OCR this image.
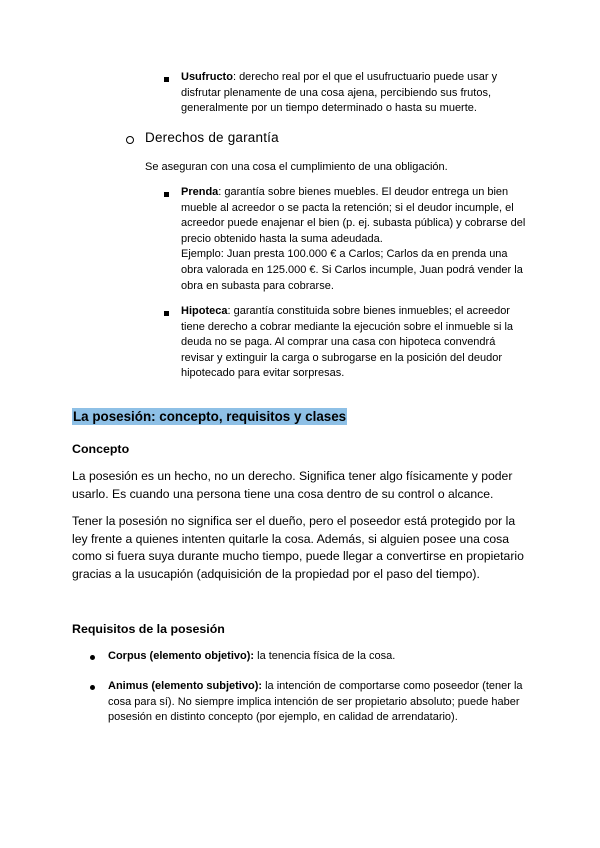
Usufructo: derecho real por el que el usufructuario puede usar y disfrutar plenamente de una cosa ajena, percibiendo sus frutos, generalmente por un tiempo determinado o hasta su muerte.

Derechos de garantía

Se aseguran con una cosa el cumplimiento de una obligación.

Prenda: garantía sobre bienes muebles. El deudor entrega un bien mueble al acreedor o se pacta la retención; si el deudor incumple, el acreedor puede enajenar el bien (p. ej. subasta pública) y cobrarse del precio obtenido hasta la suma adeudada.

Ejemplo: Juan presta 100.000 € a Carlos; Carlos da en prenda una obra valorada en 125.000 €. Si Carlos incumple, Juan podrá vender la obra en subasta para cobrarse.

Hipoteca: garantía constituida sobre bienes inmuebles; el acreedor tiene derecho a cobrar mediante la ejecución sobre el inmueble si la deuda no se paga. Al comprar una casa con hipoteca convendrá revisar y extinguir la carga o subrogarse en la posición del deudor hipotecado para evitar sorpresas.

La posesión: concepto, requisitos y clases
Concepto

La posesión es un hecho, no un derecho. Significa tener algo físicamente y poder usarlo. Es cuando una persona tiene una cosa dentro de su control o alcance.

Tener la posesión no significa ser el dueño, pero el poseedor está protegido por la ley frente a quienes intenten quitarle la cosa. Además, si alguien posee una cosa como si fuera suya durante mucho tiempo, puede llegar a convertirse en propietario gracias a la usucapión (adquisición de la propiedad por el paso del tiempo).

Requisitos de la posesión

Corpus (elemento objetivo): la tenencia física de la cosa.

Animus (elemento subjetivo): la intención de comportarse como poseedor (tener la cosa para sí). No siempre implica intención de ser propietario absoluto; puede haber posesión en distinto concepto (por ejemplo, en calidad de arrendatario).
